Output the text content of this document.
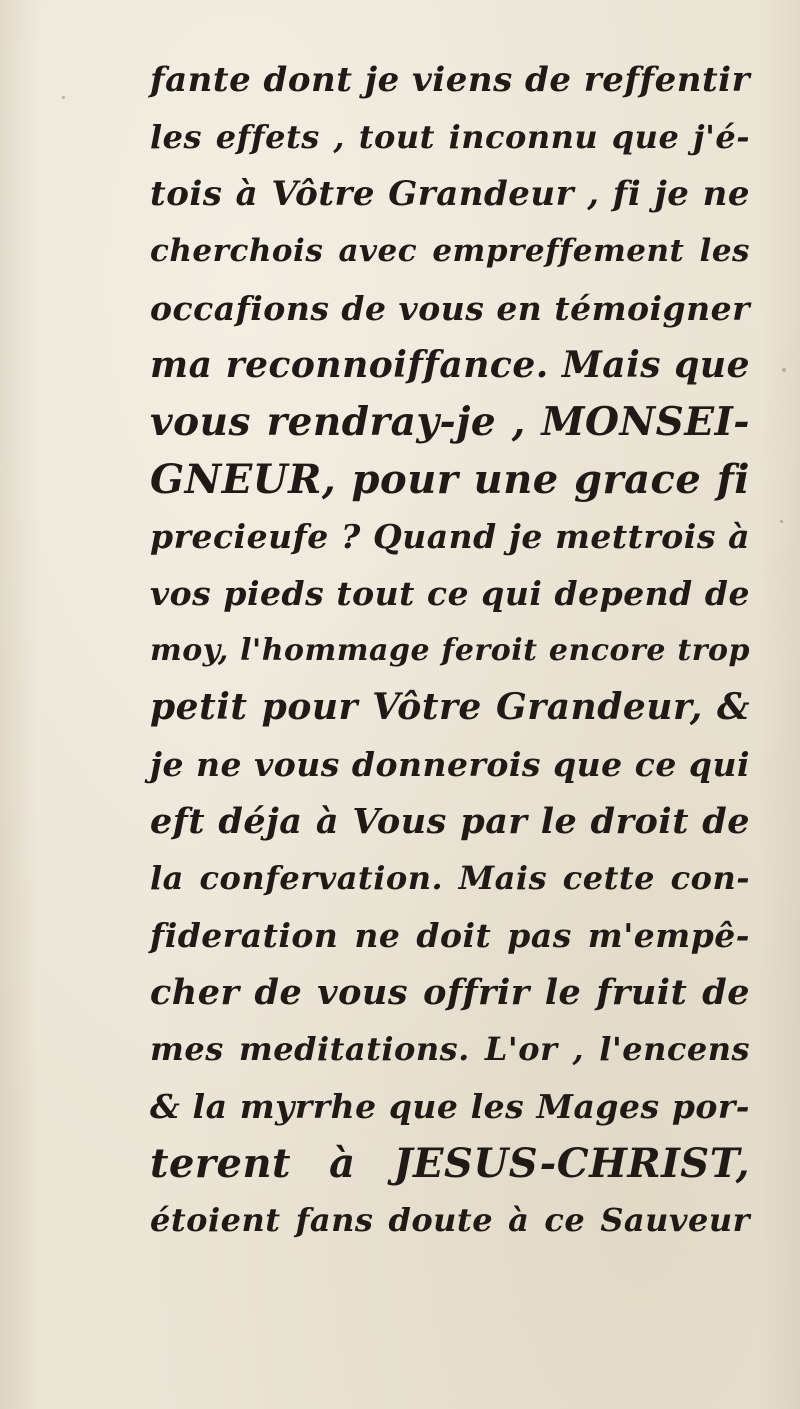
fante dont je viens de reffentir
les effets , tout inconnu que j'é-
tois à Vôtre Grandeur , fi je ne
cherchois avec empreffement les
occafions de vous en témoigner
ma reconnoiffance. Mais que
vous rendray-je , MONSEI-
GNEUR, pour une grace fi
precieufe ? Quand je mettrois à
vos pieds tout ce qui depend de
moy, l'hommage feroit encore trop
petit pour Vôtre Grandeur, &
je ne vous donnerois que ce qui
eft déja à Vous par le droit de
la confervation. Mais cette con-
fideration ne doit pas m'empê-
cher de vous offrir le fruit de
mes meditations. L'or , l'encens
& la myrrhe que les Mages por-
terent à JESUS-CHRIST,
étoient fans doute à ce Sauveur
